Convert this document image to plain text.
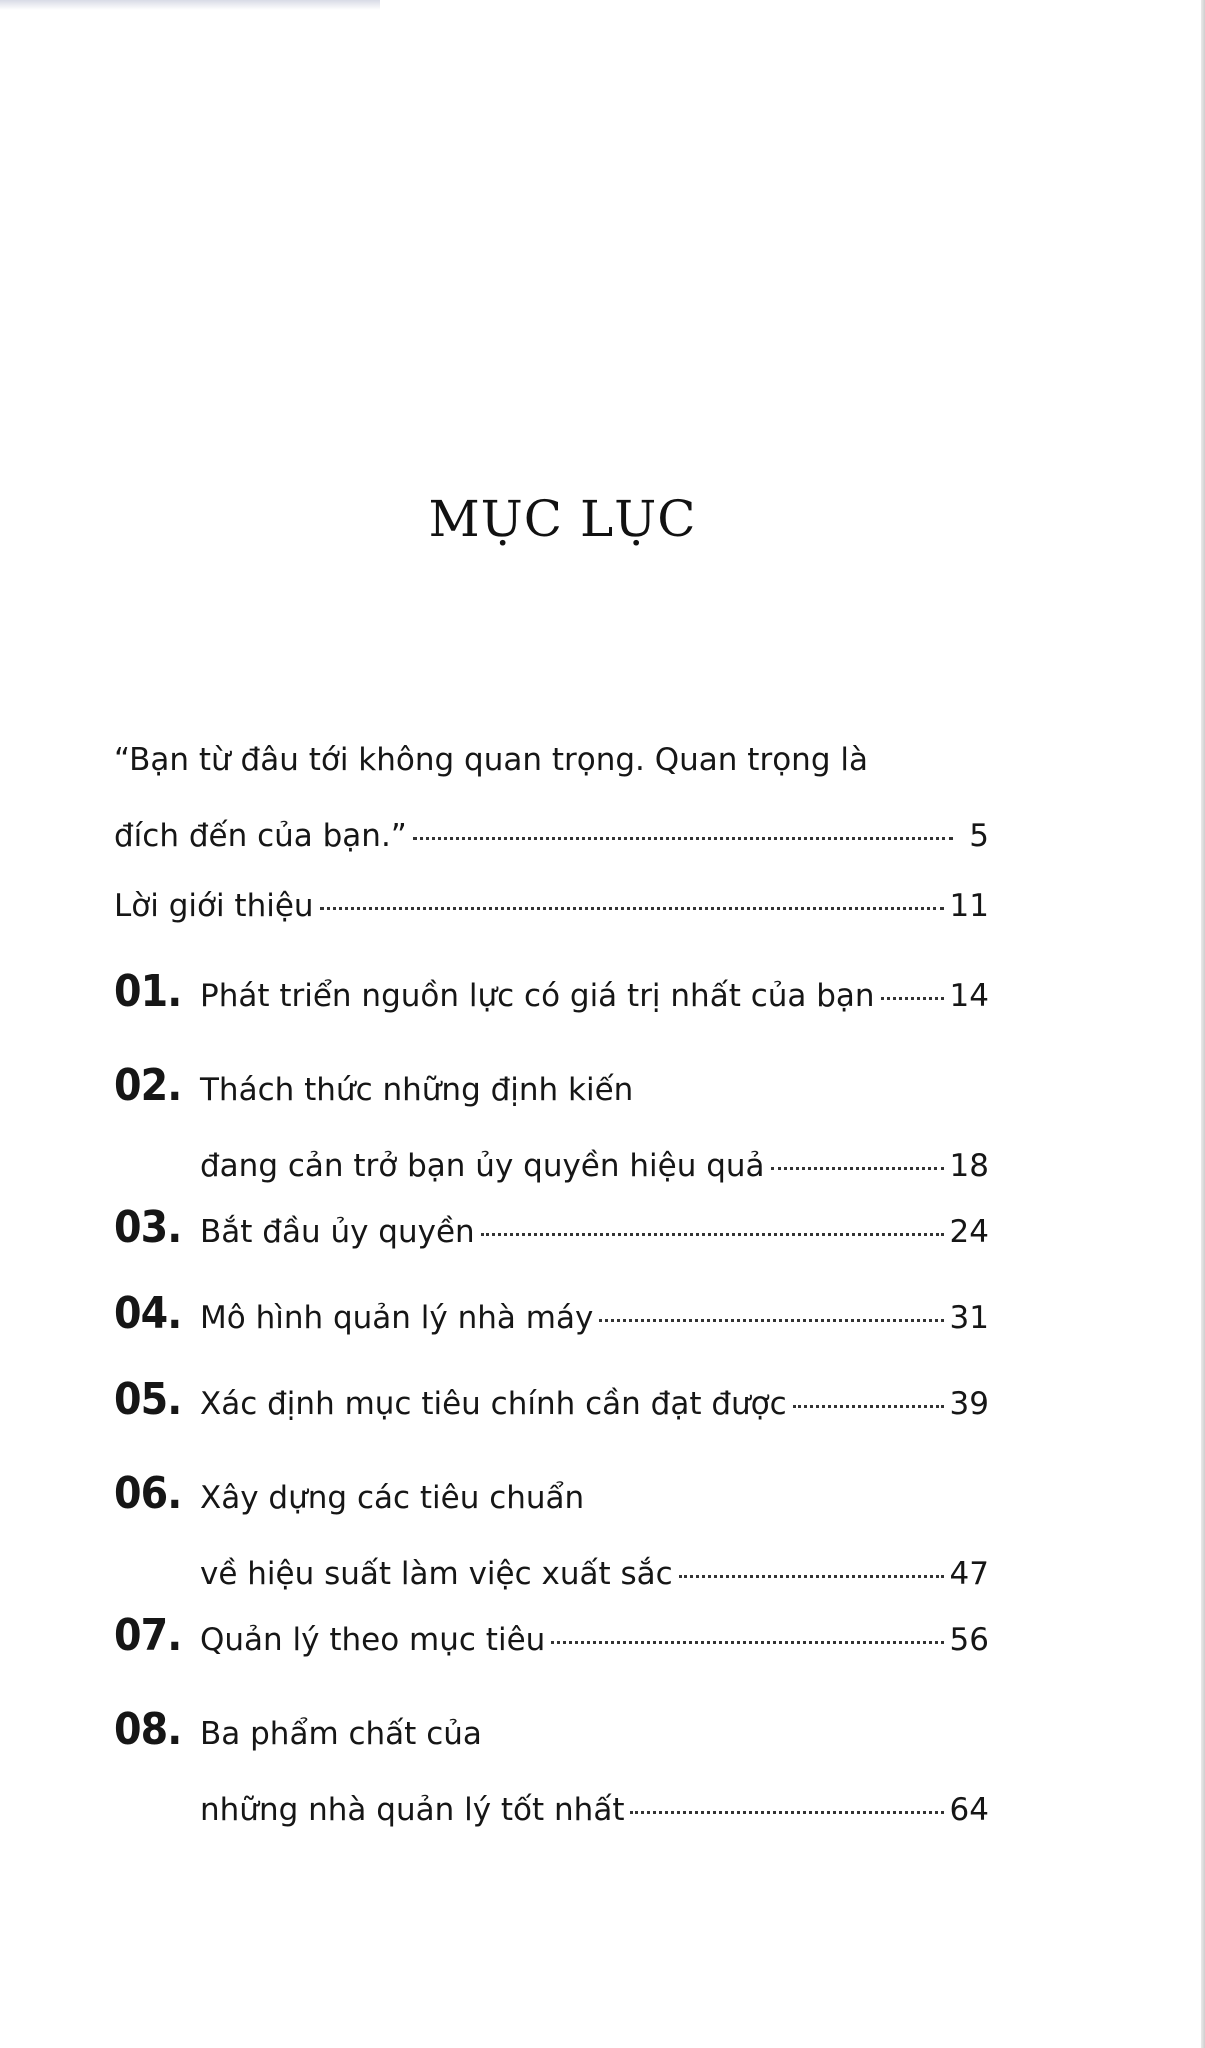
MỤC LỤC
“Bạn từ đâu tới không quan trọng. Quan trọng là
đích đến của bạn.”	5
Lời giới thiệu	11
01. Phát triển nguồn lực có giá trị nhất của bạn 14
02. Thách thức những định kiến
đang cản trở bạn ủy quyền hiệu quả	18
03. Bắt đầu ủy quyền	24
04. Mô hình quản lý nhà máy	31
05. Xác định mục tiêu chính cần đạt được	39
06. Xây dựng các tiêu chuẩn
về hiệu suất làm việc xuất sắc	47
07. Quản lý theo mục tiêu	56
08. Ba phẩm chất của
những nhà quản lý tốt nhất	64
